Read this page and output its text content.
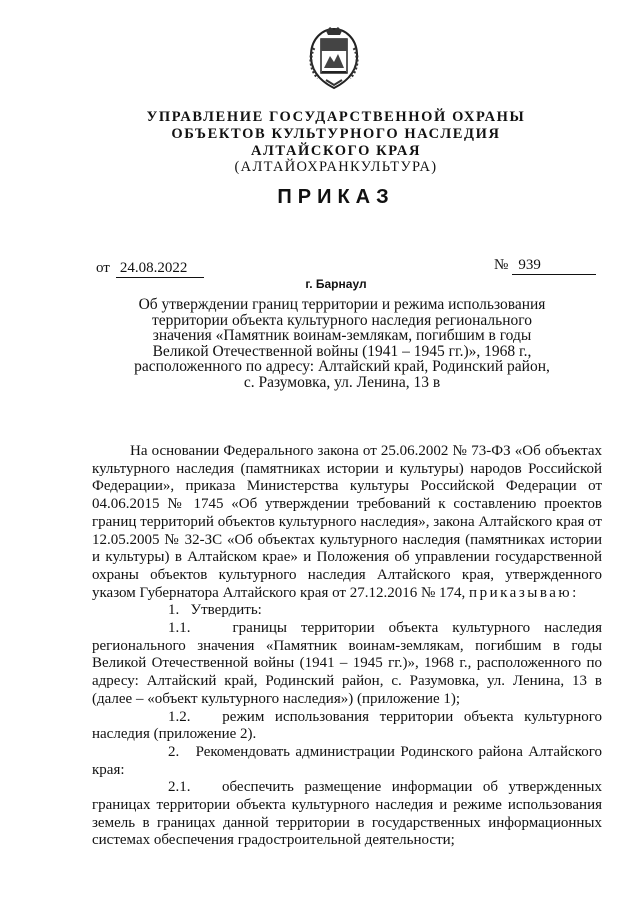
УПРАВЛЕНИЕ ГОСУДАРСТВЕННОЙ ОХРАНЫ
ОБЪЕКТОВ КУЛЬТУРНОГО НАСЛЕДИЯ
АЛТАЙСКОГО КРАЯ
(АЛТАЙОХРАНКУЛЬТУРА)
ПРИКАЗ
от 24.08.2022	№ 939
г. Барнаул
Об утверждении границ территории и режима использования
территории объекта культурного наследия регионального
значения «Памятник воинам-землякам, погибшим в годы
Великой Отечественной войны (1941 – 1945 гг.)», 1968 г.,
расположенного по адресу: Алтайский край, Родинский район,
с. Разумовка, ул. Ленина, 13 в

На основании Федерального закона от 25.06.2002 № 73-ФЗ «Об объектах культурного наследия (памятниках истории и культуры) народов Российской Федерации», приказа Министерства культуры Российской Федерации от 04.06.2015 № 1745 «Об утверждении требований к составлению проектов границ территорий объектов культурного наследия», закона Алтайского края от 12.05.2005 № 32-ЗС «Об объектах культурного наследия (памятниках истории и культуры) в Алтайском крае» и Положения об управлении государственной охраны объектов культурного наследия Алтайского края, утвержденного указом Губернатора Алтайского края от 27.12.2016 № 174, приказываю:

1. Утвердить:

1.1.	границы территории объекта культурного наследия регионального значения «Памятник воинам-землякам, погибшим в годы Великой Отечественной войны (1941 – 1945 гг.)», 1968 г., расположенного по адресу: Алтайский край, Родинский район, с. Разумовка, ул. Ленина, 13 в (далее – «объект культурного наследия») (приложение 1);

1.2. режим использования территории объекта культурного наследия (приложение 2).

2. Рекомендовать администрации Родинского района Алтайского края:

2.1. обеспечить размещение информации об утвержденных границах территории объекта культурного наследия и режиме использования земель в границах данной территории в государственных информационных системах обеспечения градостроительной деятельности;
